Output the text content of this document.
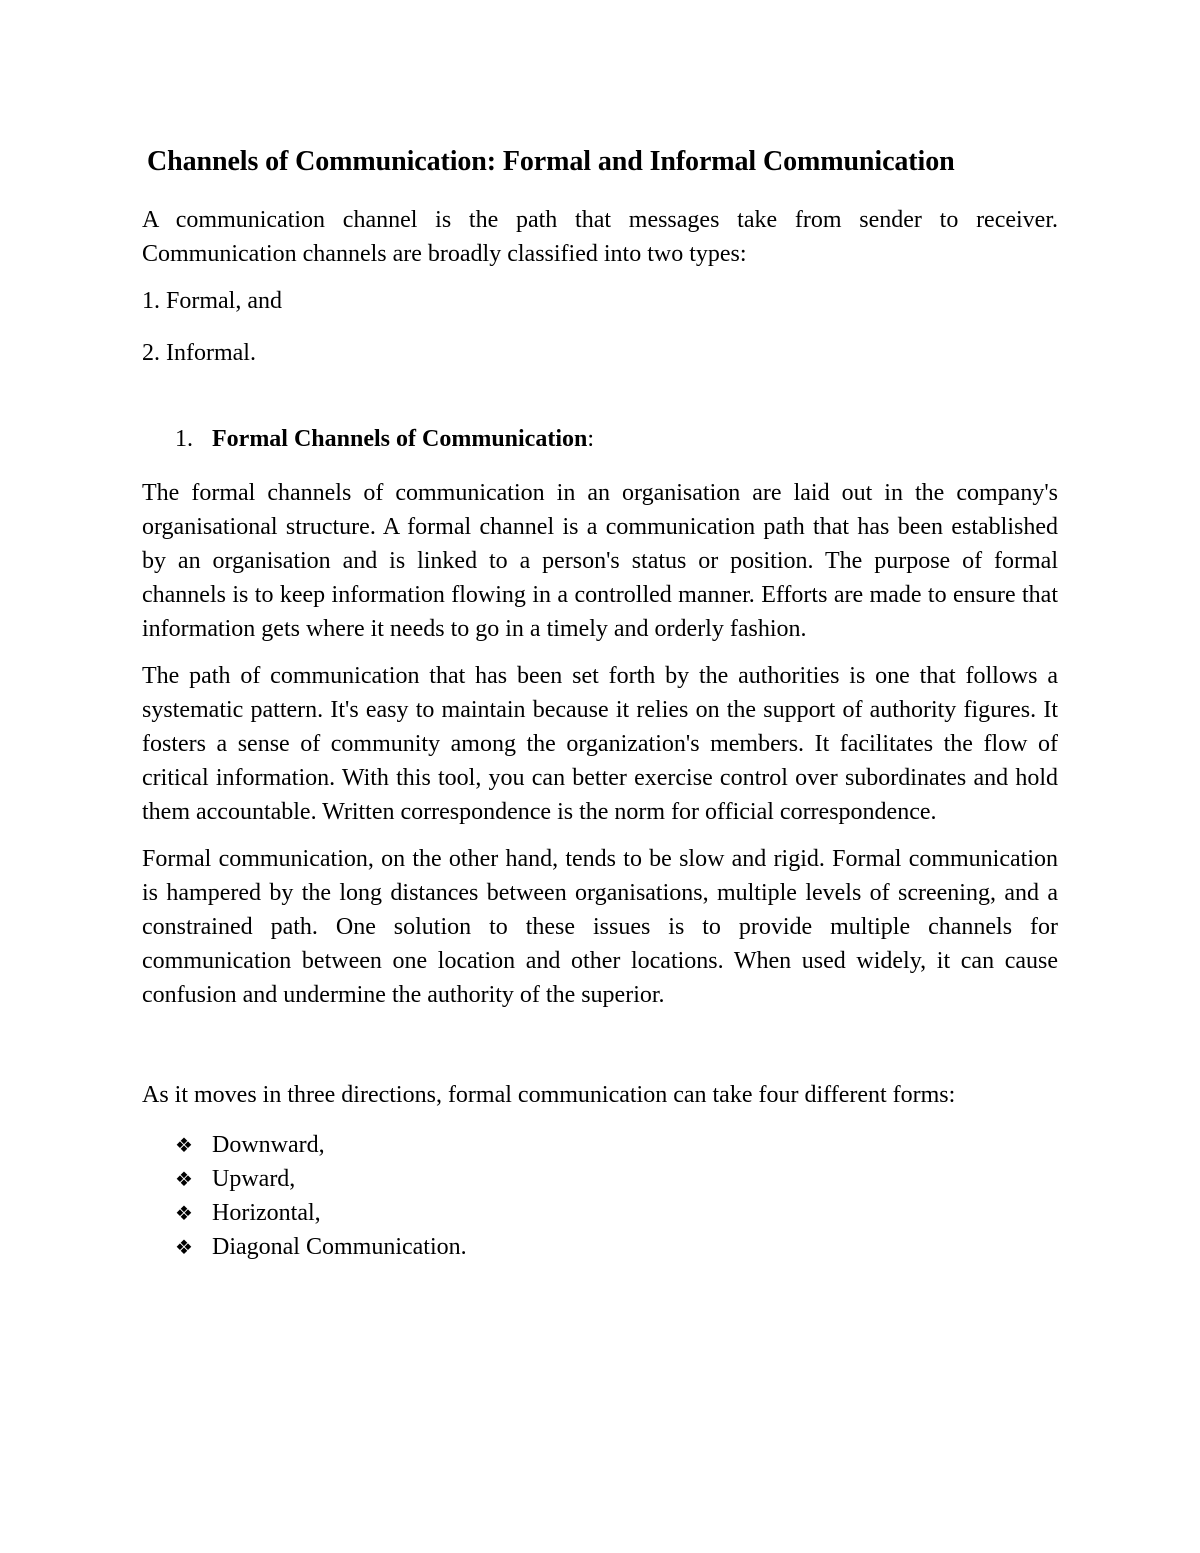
Channels of Communication: Formal and Informal Communication

A communication channel is the path that messages take from sender to receiver. Communication channels are broadly classified into two types:

1. Formal, and

2. Informal.

1. Formal Channels of Communication:

The formal channels of communication in an organisation are laid out in the company's organisational structure. A formal channel is a communication path that has been established by an organisation and is linked to a person's status or position. The purpose of formal channels is to keep information flowing in a controlled manner. Efforts are made to ensure that information gets where it needs to go in a timely and orderly fashion.

The path of communication that has been set forth by the authorities is one that follows a systematic pattern. It's easy to maintain because it relies on the support of authority figures. It fosters a sense of community among the organization's members. It facilitates the flow of critical information. With this tool, you can better exercise control over subordinates and hold them accountable. Written correspondence is the norm for official correspondence.

Formal communication, on the other hand, tends to be slow and rigid. Formal communication is hampered by the long distances between organisations, multiple levels of screening, and a constrained path. One solution to these issues is to provide multiple channels for communication between one location and other locations. When used widely, it can cause confusion and undermine the authority of the superior.

As it moves in three directions, formal communication can take four different forms:

❖ Downward,
❖ Upward,
❖ Horizontal,
❖ Diagonal Communication.
